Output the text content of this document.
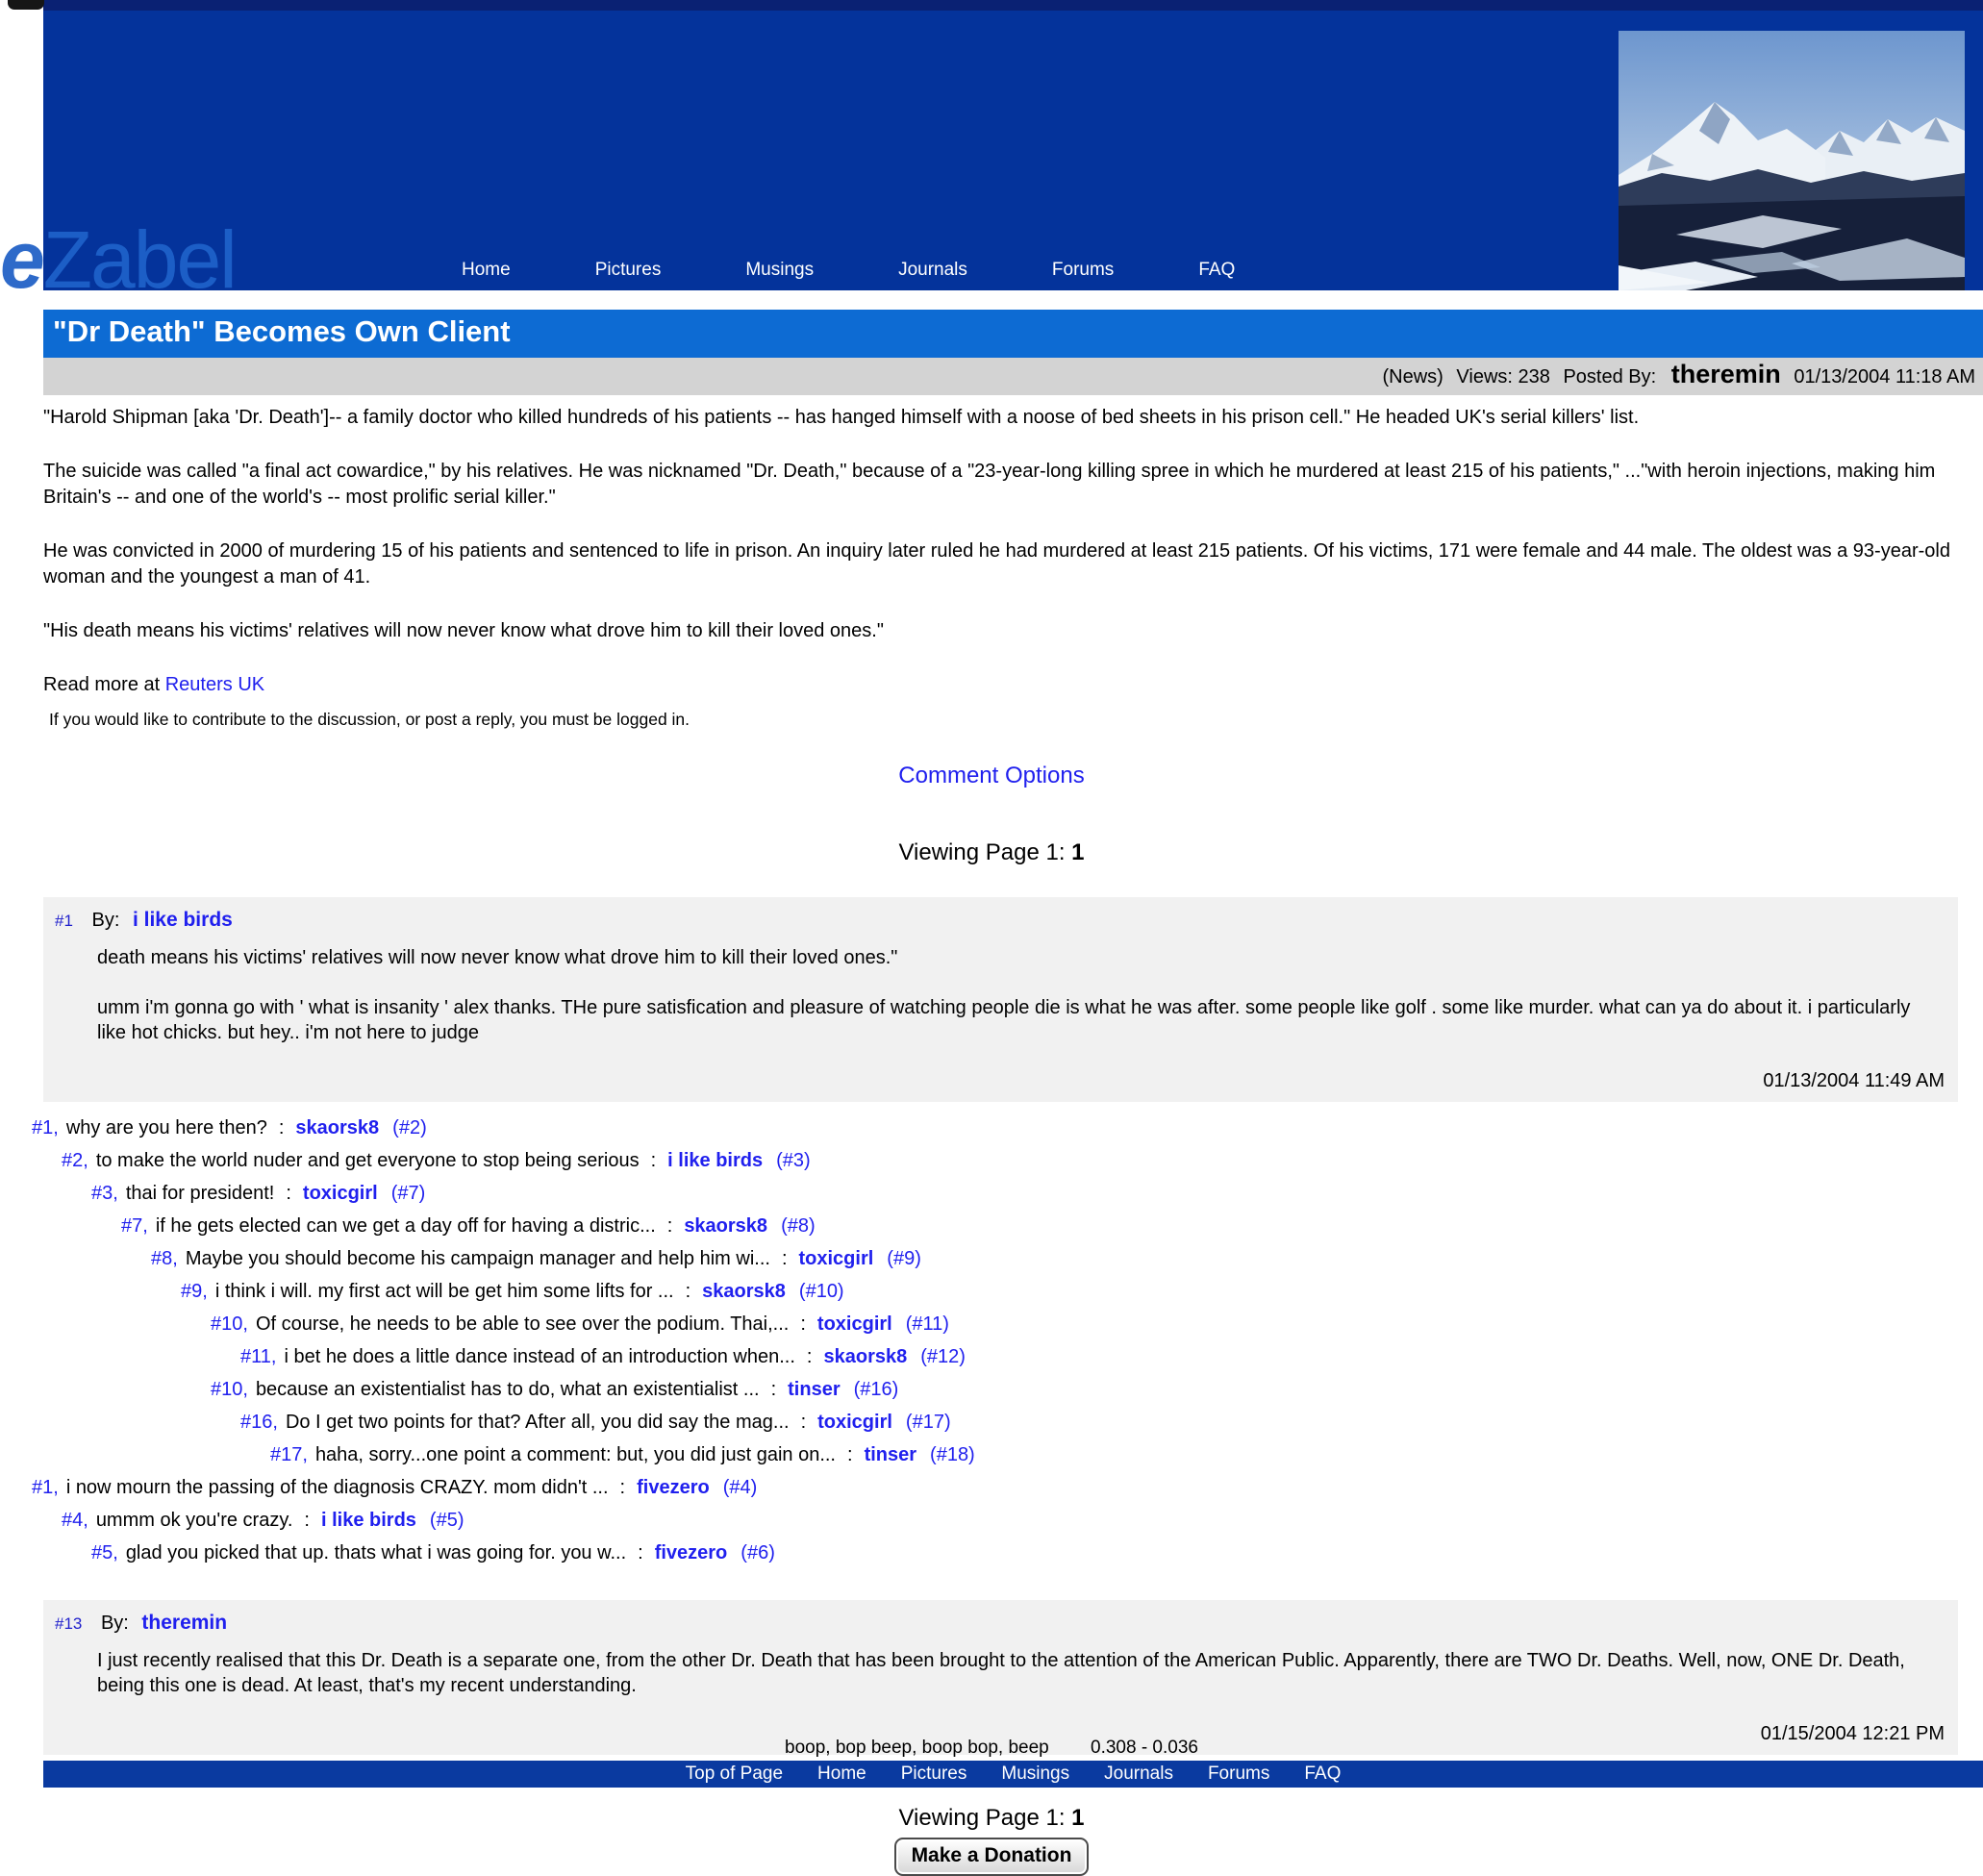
eZabel	Home	Pictures	Musings	Journals	Forums	FAQ
"Dr Death" Becomes Own Client
(News) Views: 238 Posted By: theremin 01/13/2004 11:18 AM

"Harold Shipman [aka 'Dr. Death']-- a family doctor who killed hundreds of his patients -- has hanged himself with a noose of bed sheets in his prison cell." He headed UK's serial killers' list.

The suicide was called "a final act cowardice," by his relatives. He was nicknamed "Dr. Death," because of a "23-year-long killing spree in which he murdered at least 215 of his patients," ..."with heroin injections, making him Britain's -- and one of the world's -- most prolific serial killer."

He was convicted in 2000 of murdering 15 of his patients and sentenced to life in prison. An inquiry later ruled he had murdered at least 215 patients. Of his victims, 171 were female and 44 male. The oldest was a 93-year-old woman and the youngest a man of 41.

"His death means his victims' relatives will now never know what drove him to kill their loved ones."

Read more at Reuters UK

If you would like to contribute to the discussion, or post a reply, you must be logged in.
Comment Options
Viewing Page 1: 1
#1 By: i like birds

death means his victims' relatives will now never know what drove him to kill their loved ones."

umm i'm gonna go with ' what is insanity ' alex thanks. THe pure satisfication and pleasure of watching people die is what he was after. some people like golf . some like murder. what can ya do about it. i particularly like hot chicks. but hey.. i'm not here to judge

01/13/2004 11:49 AM
#1, why are you here then? : skaorsk8 (#2)
#2, to make the world nuder and get everyone to stop being serious : i like birds (#3)
#3, thai for president! : toxicgirl (#7)
#7, if he gets elected can we get a day off for having a distric... : skaorsk8 (#8)
#8, Maybe you should become his campaign manager and help him wi... : toxicgirl (#9)
#9, i think i will. my first act will be get him some lifts for ... : skaorsk8 (#10)
#10, Of course, he needs to be able to see over the podium. Thai,... : toxicgirl (#11)
#11, i bet he does a little dance instead of an introduction when... : skaorsk8 (#12)
#10, because an existentialist has to do, what an existentialist ... : tinser (#16)
#16, Do I get two points for that? After all, you did say the mag... : toxicgirl (#17)
#17, haha, sorry...one point a comment: but, you did just gain on... : tinser (#18)
#1, i now mourn the passing of the diagnosis CRAZY. mom didn't ... : fivezero (#4)
#4, ummm ok you're crazy. : i like birds (#5)
#5, glad you picked that up. thats what i was going for. you w... : fivezero (#6)
#13 By: theremin

I just recently realised that this Dr. Death is a separate one, from the other Dr. Death that has been brought to the attention of the American Public. Apparently, there are TWO Dr. Deaths. Well, now, ONE Dr. Death, being this one is dead. At least, that's my recent understanding.

01/15/2004 12:21 PM
Viewing Page 1: 1
Make a Donation
boop, bop beep, boop bop, beep 0.308 - 0.036
Top of Page Home Pictures Musings Journals Forums FAQ
